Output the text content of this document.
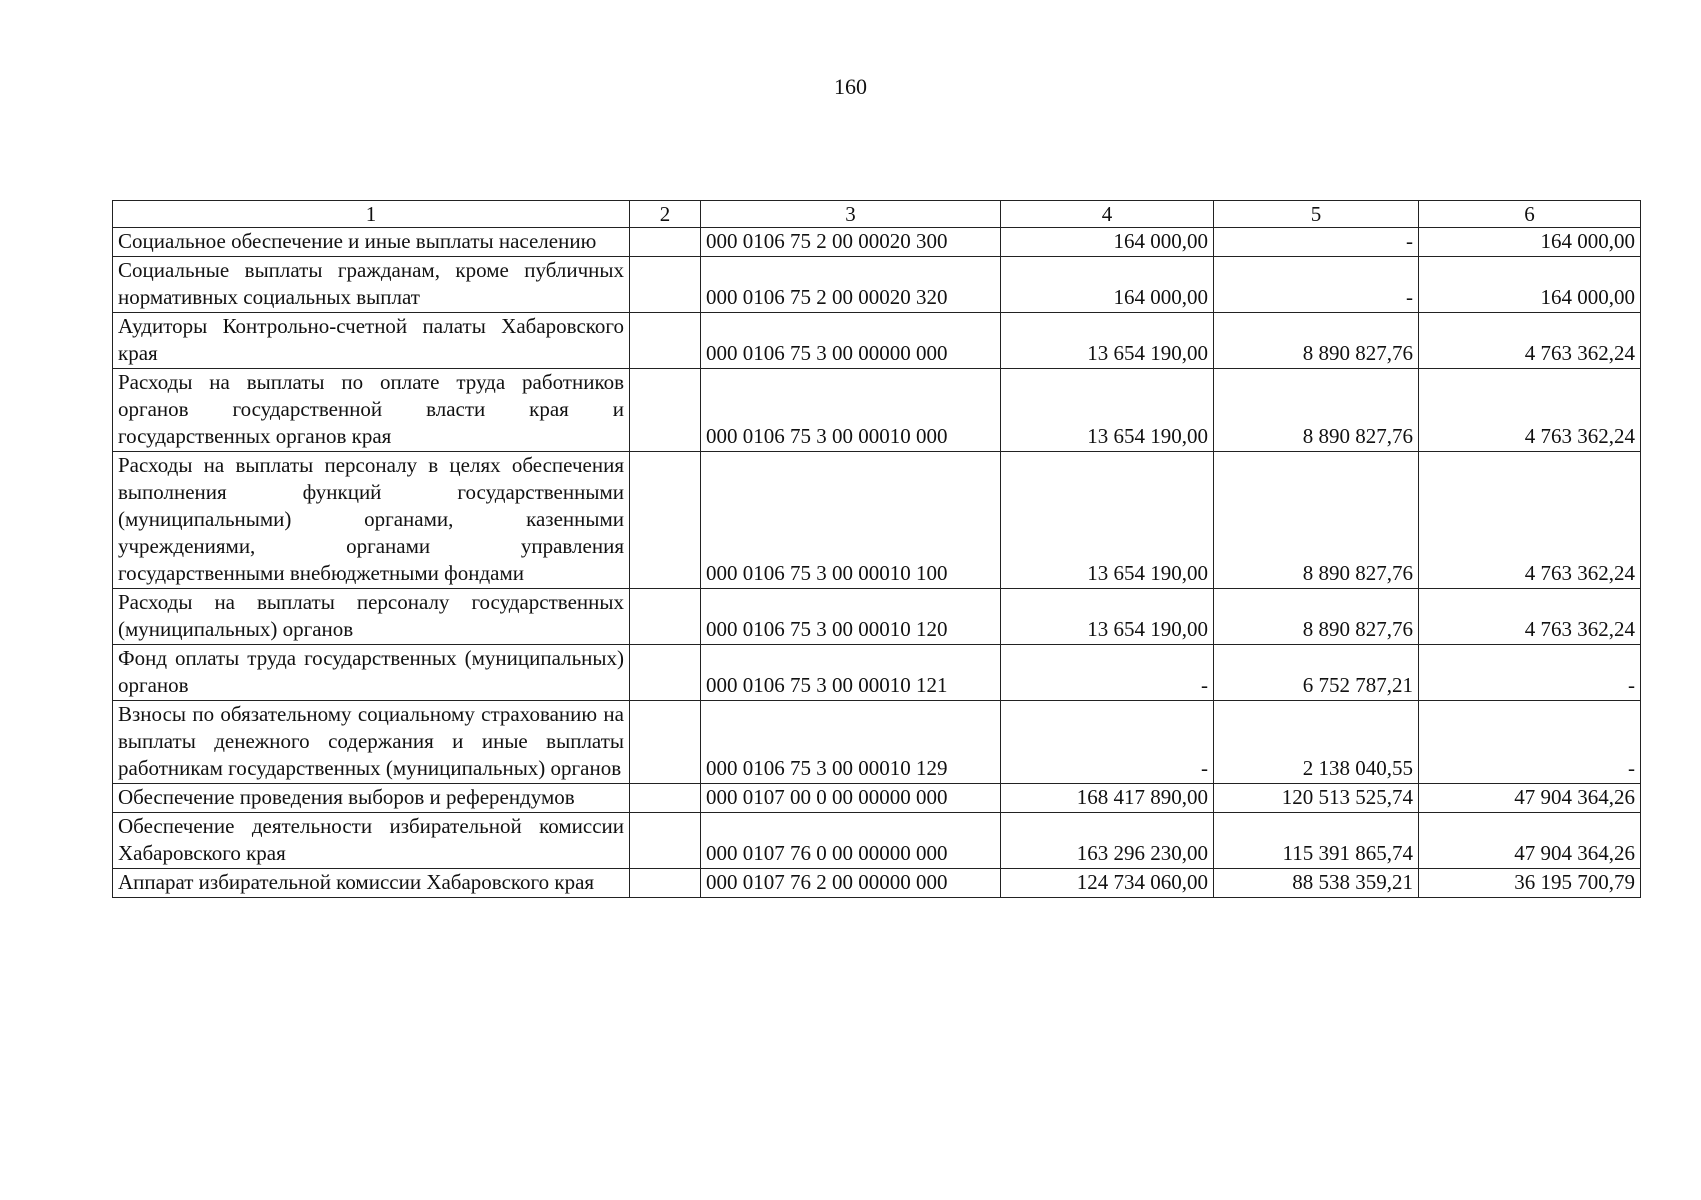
160
1	2	3	4	5	6
Социальное обеспечение и иные выплаты населению		000 0106 75 2 00 00020 300	164 000,00	-	164 000,00
Социальные выплаты гражданам, кроме публичных нормативных социальных выплат		000 0106 75 2 00 00020 320	164 000,00	-	164 000,00
Аудиторы Контрольно-счетной палаты Хабаровского края		000 0106 75 3 00 00000 000	13 654 190,00	8 890 827,76	4 763 362,24
Расходы на выплаты по оплате труда работников органов государственной власти края и государственных органов края		000 0106 75 3 00 00010 000	13 654 190,00	8 890 827,76	4 763 362,24
Расходы на выплаты персоналу в целях обеспечения выполнения функций государственными (муниципальными) органами, казенными учреждениями, органами управления государственными внебюджетными фондами		000 0106 75 3 00 00010 100	13 654 190,00	8 890 827,76	4 763 362,24
Расходы на выплаты персоналу государственных (муниципальных) органов		000 0106 75 3 00 00010 120	13 654 190,00	8 890 827,76	4 763 362,24
Фонд оплаты труда государственных (муниципальных) органов		000 0106 75 3 00 00010 121	-	6 752 787,21	-
Взносы по обязательному социальному страхованию на выплаты денежного содержания и иные выплаты работникам государственных (муниципальных) органов		000 0106 75 3 00 00010 129	-	2 138 040,55	-
Обеспечение проведения выборов и референдумов		000 0107 00 0 00 00000 000	168 417 890,00	120 513 525,74	47 904 364,26
Обеспечение деятельности избирательной комиссии Хабаровского края		000 0107 76 0 00 00000 000	163 296 230,00	115 391 865,74	47 904 364,26
Аппарат избирательной комиссии Хабаровского края		000 0107 76 2 00 00000 000	124 734 060,00	88 538 359,21	36 195 700,79
